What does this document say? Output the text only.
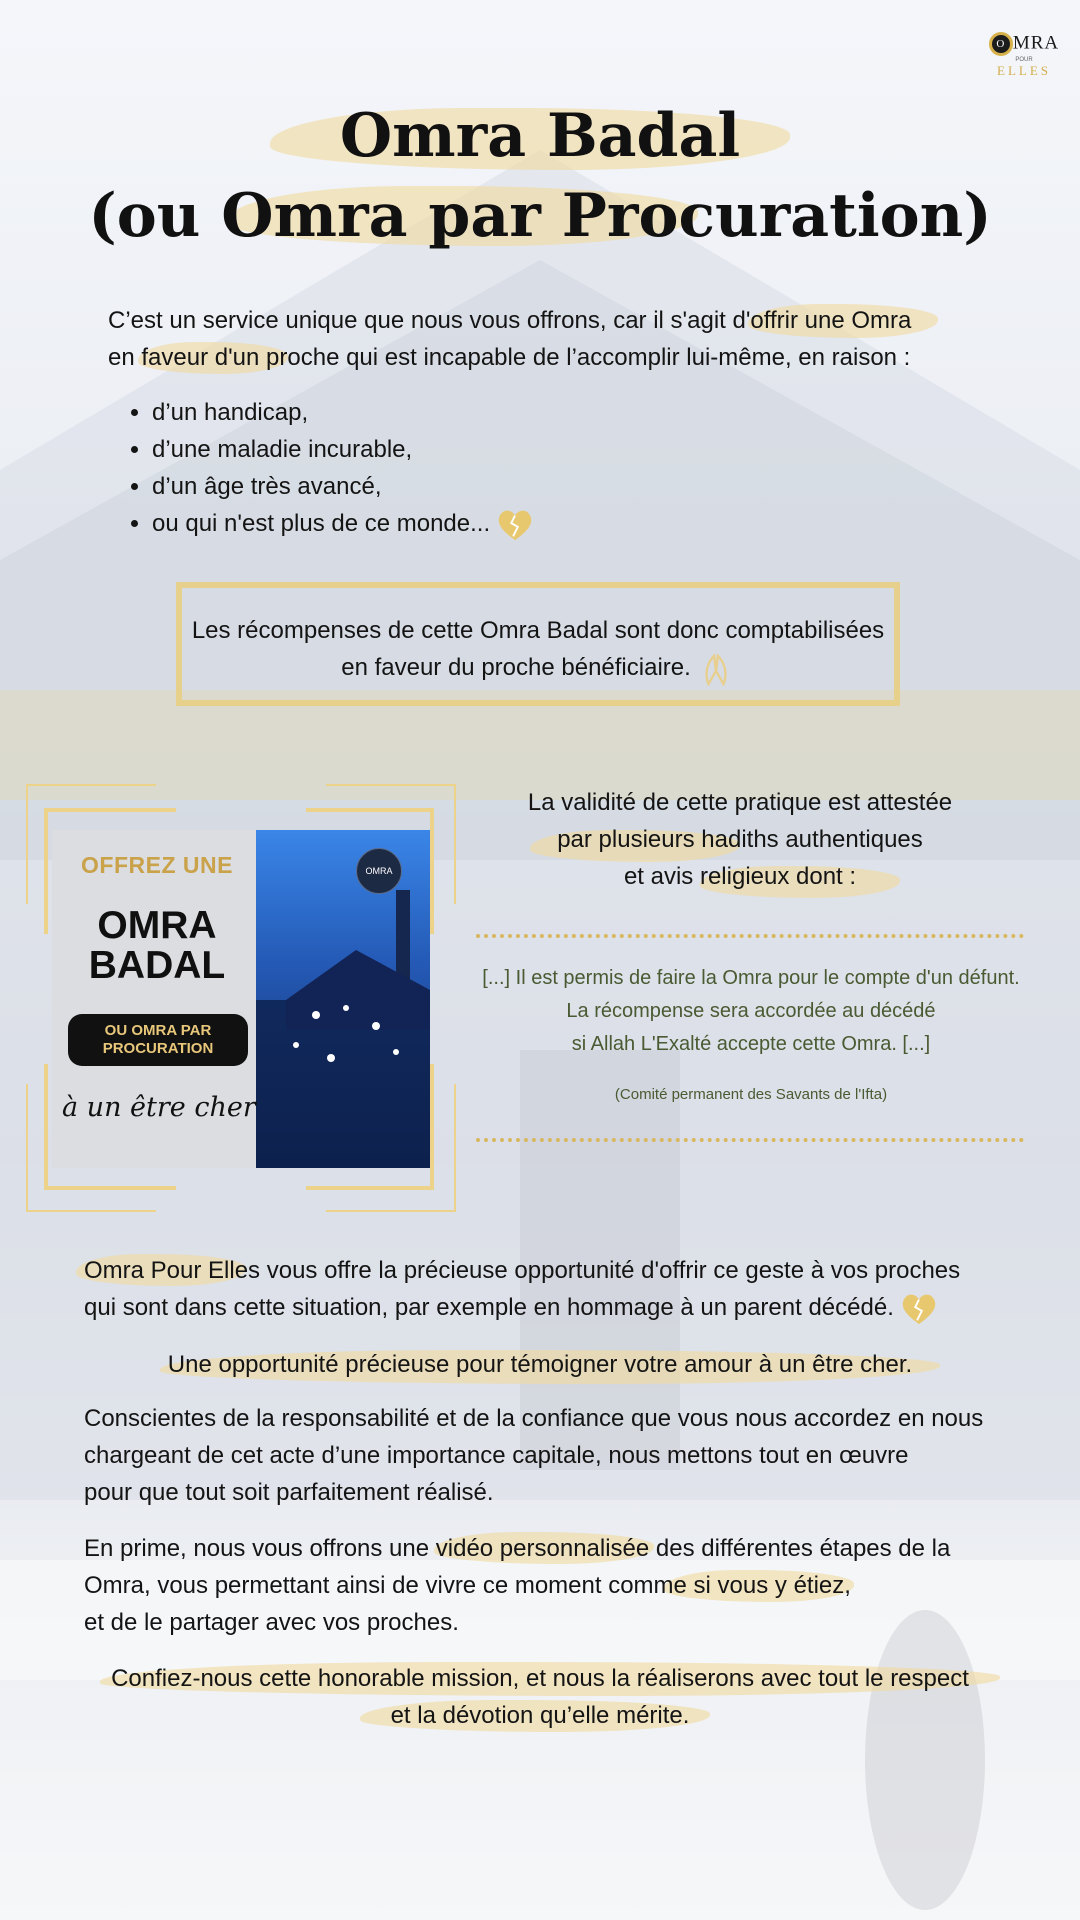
O MRA
POUR
ELLES
Omra Badal

(ou Omra par Procuration)
C’est un service unique que nous vous offrons, car il s'agit d'offrir une Omra
en faveur d'un proche qui est incapable de l’accomplir lui-même, en raison :
• d’un handicap,
• d’une maladie incurable,
• d’un âge très avancé,
• ou qui n'est plus de ce monde...
Les récompenses de cette Omra Badal sont donc comptabilisées
en faveur du proche bénéficiaire.
OMRA
OFFREZ UNE
OMRA
BADAL
OU OMRA PAR
PROCURATION
à un être cher
La validité de cette pratique est attestée
par plusieurs hadiths authentiques
et avis religieux dont :
[...] Il est permis de faire la Omra pour le compte d'un défunt.
La récompense sera accordée au décédé
si Allah L'Exalté accepte cette Omra. [...]
(Comité permanent des Savants de l'Ifta)
Omra Pour Elles vous offre la précieuse opportunité d'offrir ce geste à vos proches
qui sont dans cette situation, par exemple en hommage à un parent décédé.
Une opportunité précieuse pour témoigner votre amour à un être cher.
Conscientes de la responsabilité et de la confiance que vous nous accordez en nous
chargeant de cet acte d’une importance capitale, nous mettons tout en œuvre
pour que tout soit parfaitement réalisé.
En prime, nous vous offrons une vidéo personnalisée des différentes étapes de la
Omra, vous permettant ainsi de vivre ce moment comme si vous y étiez,
et de le partager avec vos proches.
Confiez-nous cette honorable mission, et nous la réaliserons avec tout le respect
et la dévotion qu’elle mérite.
